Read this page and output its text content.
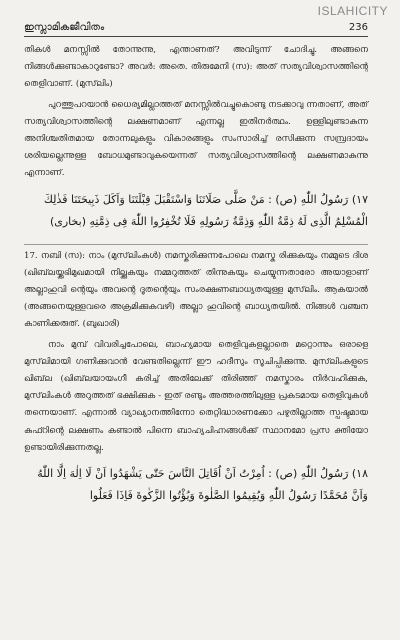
ISLAHICITY
ഇസ്ലാമികജീവിതം	236

തികൾ മനസ്സിൽ തോന്നുന്നു, എന്താണത്? അവിടുന്ന് ചോദിച്ചു. അങ്ങനെ നിങ്ങൾക്കുണ്ടാകാറുണ്ടോ? അവർ: അതെ. തിരുമേനി (സ): അത് സത്യവിശ്വാസത്തിന്റെ തെളിവാണ്. (മുസ്‌ലിം)

പുറത്തുപറയാൻ ധൈര്യമില്ലാത്തത് മനസ്സിൽവച്ചുകൊണ്ടു നടക്കാവു ന്നതാണ്, അത് സത്യവിശ്വാസത്തിന്റെ ലക്ഷണമാണ് എന്നല്ല ഇതിനർത്ഥം. ഉള്ളിലുണ്ടാകുന്ന അനിശ്ചതിതമായ തോന്നലുകളും വികാരങ്ങളും സംസാരിച്ച് രസിക്കുന്ന സമ്പ്രദായം ശരിയല്ലെന്നുള്ള ബോധമുണ്ടാവുകയെന്നത് സത്യവിശ്വാസത്തിന്റെ ലക്ഷണമാകുന്നു എന്നാണ്.

١٧) رَسُولُ اللّٰهِ (ص) : مَنْ صَلَّى صَلَاتَنَا وَاسْتَقْبَلَ قِبْلَتَنَا وَاَكَلَ ذَبِيحَتَنَا فَذٰلِكَ الْمُسْلِمُ الَّذِى لَهُ ذِمَّةُ اللّٰهِ وَذِمَّةُ رَسُولِهِ فَلَا تُخْفِرُوا اللّٰهَ فِى ذِمَّتِهِ (بخارى)

17. നബി (സ): നാം (മുസ്‌ലിംകൾ) നമസ്കരിക്കുന്നപോലെ നമസ്ക രിക്കുകയും നമ്മുടെ ദിശ (ഖിബ്‌ലയ്ക്കഭിമുഖമായി നില്ക്കുകയും നമ്മറുത്തത് തിന്നുകയും ചെയ്യുന്നതാരോ അയാളാണ് അല്ലാഹുവി ന്റെയും അവന്റെ ദൂതന്റെയും സംരക്ഷണബാധ്യതയുള്ള മുസ്‌ലിം. ആകയാൽ (അങ്ങനെയുള്ളവരെ അക്രമിക്കുകവഴി) അല്ലാ ഹുവിന്റെ ബാധ്യതയിൽ. നിങ്ങൾ വഞ്ചന കാണിക്കരുത്. (ബുഖാരി)

നാം മുമ്പ് വിവരിച്ചപോലെ, ബാഹ്യമായ തെളിവുകളല്ലാതെ മറ്റൊന്നും ഒരാളെ മുസ്‌ലിമായി ഗണിക്കുവാൻ വേണ്ടതില്ലെന്ന് ഈ ഹദീസും സൂചിപ്പിക്കുന്നു. മുസ്‌ലിംകളുടെ ഖിബ്‌ല (ഖിബ്‌ലയായംഗീ കരിച്ച് അതിലേക്ക് തിരിഞ്ഞ് നമസ്കാരം നിർവഹിക്കുക, മുസ്‌ലിംകൾ അറുത്തത് ഭക്ഷിക്കുക - ഇത് രണ്ടും അത്തരത്തിലുള്ള പ്രകടമായ തെളിവുകൾ തന്നെയാണ്. എന്നാൽ വ്യാഖ്യാനത്തിന്നോ തെറ്റിദ്ധാരണക്കോ പഴുതില്ലാത്ത സ്പഷ്ടമായ കുഫ്റിന്റെ ലക്ഷണം കണ്ടാൽ പിന്നെ ബാഹ്യചിഹ്നങ്ങൾക്ക് സ്ഥാനമോ പ്രസ ക്തിയോ ഉണ്ടായിരിക്കുന്നതല്ല.

١٨) رَسُولُ اللّٰهِ (ص) : اُمِرْتُ اَنْ اُقَاتِلَ النَّاسَ حَتّٰى يَشْهَدُوا اَنْ لَا اِلٰهَ اِلَّا اللّٰهُ وَاَنَّ مُحَمَّدًا رَسُولُ اللّٰهِ وَيُقِيمُوا الصَّلٰوةَ وَيُؤْتُوا الزَّكٰوةَ فَاِذَا فَعَلُوا
